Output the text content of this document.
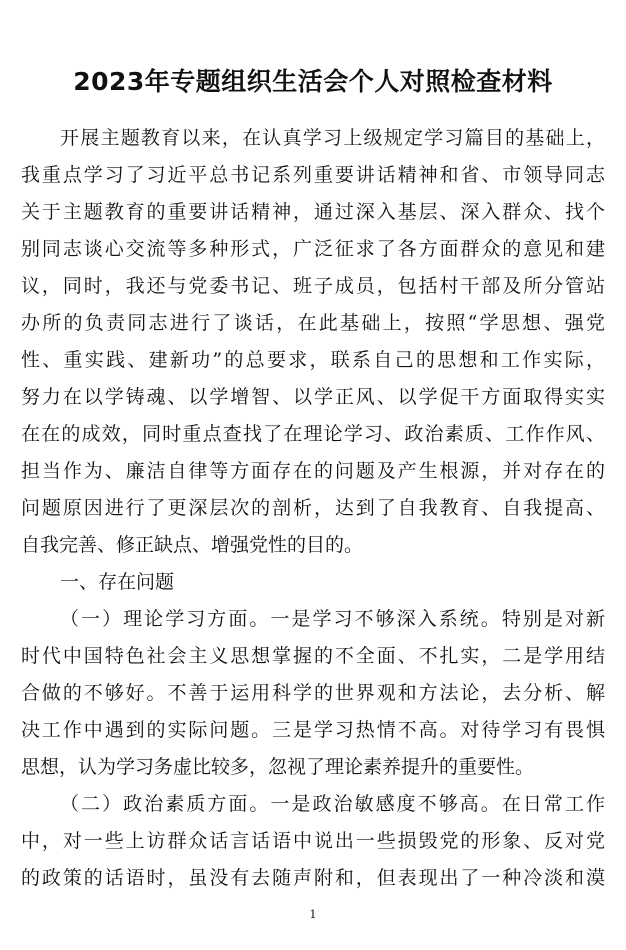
2023年专题组织生活会个人对照检查材料
开展主题教育以来，在认真学习上级规定学习篇目的基础上，
我重点学习了习近平总书记系列重要讲话精神和省、市领导同志
关于主题教育的重要讲话精神，通过深入基层、深入群众、找个
别同志谈心交流等多种形式，广泛征求了各方面群众的意见和建
议，同时，我还与党委书记、班子成员，包括村干部及所分管站
办所的负责同志进行了谈话，在此基础上，按照“学思想、强党
性、重实践、建新功”的总要求，联系自己的思想和工作实际，
努力在以学铸魂、以学增智、以学正风、以学促干方面取得实实
在在的成效，同时重点查找了在理论学习、政治素质、工作作风、
担当作为、廉洁自律等方面存在的问题及产生根源，并对存在的
问题原因进行了更深层次的剖析，达到了自我教育、自我提高、
自我完善、修正缺点、增强党性的目的。
一、存在问题
（一）理论学习方面。一是学习不够深入系统。特别是对新
时代中国特色社会主义思想掌握的不全面、不扎实，二是学用结
合做的不够好。不善于运用科学的世界观和方法论，去分析、解
决工作中遇到的实际问题。三是学习热情不高。对待学习有畏惧
思想，认为学习务虚比较多，忽视了理论素养提升的重要性。
（二）政治素质方面。一是政治敏感度不够高。在日常工作
中，对一些上访群众话言话语中说出一些损毁党的形象、反对党
的政策的话语时，虽没有去随声附和，但表现出了一种冷淡和漠
1
